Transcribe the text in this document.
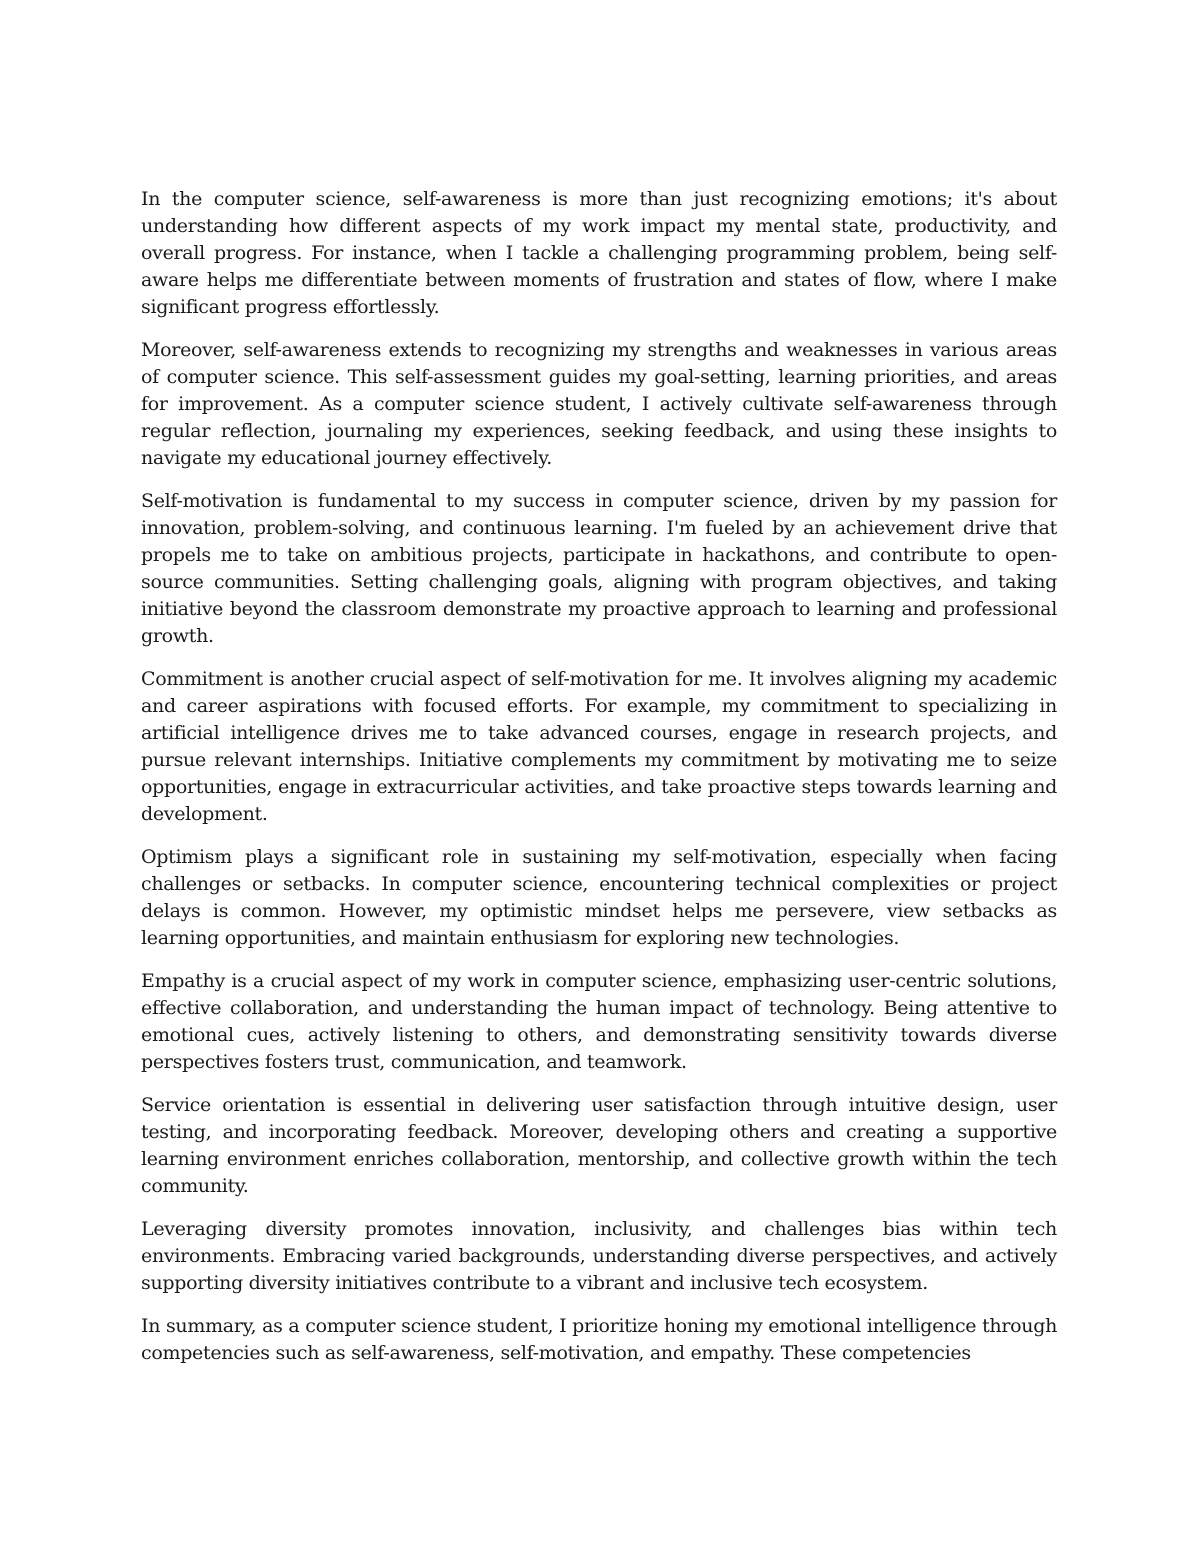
In the computer science, self-awareness is more than just recognizing emotions; it's about understanding how different aspects of my work impact my mental state, productivity, and overall progress. For instance, when I tackle a challenging programming problem, being self-aware helps me differentiate between moments of frustration and states of flow, where I make significant progress effortlessly.

Moreover, self-awareness extends to recognizing my strengths and weaknesses in various areas of computer science. This self-assessment guides my goal-setting, learning priorities, and areas for improvement. As a computer science student, I actively cultivate self-awareness through regular reflection, journaling my experiences, seeking feedback, and using these insights to navigate my educational journey effectively.

Self-motivation is fundamental to my success in computer science, driven by my passion for innovation, problem-solving, and continuous learning. I'm fueled by an achievement drive that propels me to take on ambitious projects, participate in hackathons, and contribute to open-source communities. Setting challenging goals, aligning with program objectives, and taking initiative beyond the classroom demonstrate my proactive approach to learning and professional growth.

Commitment is another crucial aspect of self-motivation for me. It involves aligning my academic and career aspirations with focused efforts. For example, my commitment to specializing in artificial intelligence drives me to take advanced courses, engage in research projects, and pursue relevant internships. Initiative complements my commitment by motivating me to seize opportunities, engage in extracurricular activities, and take proactive steps towards learning and development.

Optimism plays a significant role in sustaining my self-motivation, especially when facing challenges or setbacks. In computer science, encountering technical complexities or project delays is common. However, my optimistic mindset helps me persevere, view setbacks as learning opportunities, and maintain enthusiasm for exploring new technologies.

Empathy is a crucial aspect of my work in computer science, emphasizing user-centric solutions, effective collaboration, and understanding the human impact of technology. Being attentive to emotional cues, actively listening to others, and demonstrating sensitivity towards diverse perspectives fosters trust, communication, and teamwork.

Service orientation is essential in delivering user satisfaction through intuitive design, user testing, and incorporating feedback. Moreover, developing others and creating a supportive learning environment enriches collaboration, mentorship, and collective growth within the tech community.

Leveraging diversity promotes innovation, inclusivity, and challenges bias within tech environments. Embracing varied backgrounds, understanding diverse perspectives, and actively supporting diversity initiatives contribute to a vibrant and inclusive tech ecosystem.

In summary, as a computer science student, I prioritize honing my emotional intelligence through competencies such as self-awareness, self-motivation, and empathy. These competencies
